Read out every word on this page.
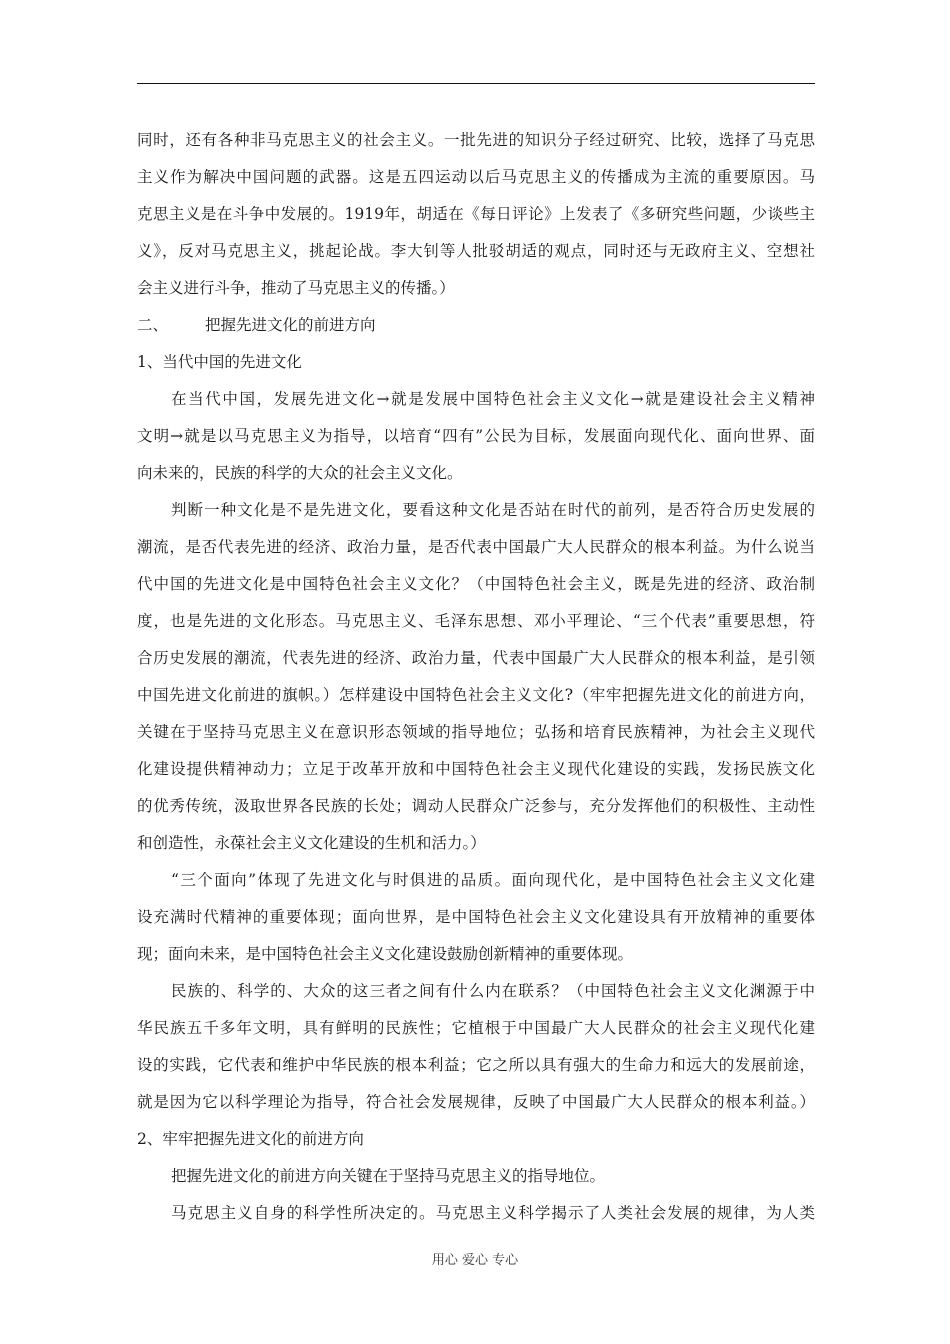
同时，还有各种非马克思主义的社会主义。一批先进的知识分子经过研究、比较，选择了马克思
主义作为解决中国问题的武器。这是五四运动以后马克思主义的传播成为主流的重要原因。马
克思主义是在斗争中发展的。1919年，胡适在《每日评论》上发表了《多研究些问题，少谈些主
义》，反对马克思主义，挑起论战。李大钊等人批驳胡适的观点，同时还与无政府主义、空想社
会主义进行斗争，推动了马克思主义的传播。）
二、 把握先进文化的前进方向
1、当代中国的先进文化
在当代中国，发展先进文化→就是发展中国特色社会主义文化→就是建设社会主义精神
文明→就是以马克思主义为指导，以培育“四有”公民为目标，发展面向现代化、面向世界、面
向未来的，民族的科学的大众的社会主义文化。
判断一种文化是不是先进文化，要看这种文化是否站在时代的前列，是否符合历史发展的
潮流，是否代表先进的经济、政治力量，是否代表中国最广大人民群众的根本利益。为什么说当
代中国的先进文化是中国特色社会主义文化？（中国特色社会主义，既是先进的经济、政治制
度，也是先进的文化形态。马克思主义、毛泽东思想、邓小平理论、“三个代表”重要思想，符
合历史发展的潮流，代表先进的经济、政治力量，代表中国最广大人民群众的根本利益，是引领
中国先进文化前进的旗帜。）怎样建设中国特色社会主义文化?（牢牢把握先进文化的前进方向，
关键在于坚持马克思主义在意识形态领域的指导地位；弘扬和培育民族精神，为社会主义现代
化建设提供精神动力；立足于改革开放和中国特色社会主义现代化建设的实践，发扬民族文化
的优秀传统，汲取世界各民族的长处；调动人民群众广泛参与，充分发挥他们的积极性、主动性
和创造性，永葆社会主义文化建设的生机和活力。）
“三个面向”体现了先进文化与时俱进的品质。面向现代化，是中国特色社会主义文化建
设充满时代精神的重要体现；面向世界，是中国特色社会主义文化建设具有开放精神的重要体
现；面向未来，是中国特色社会主义文化建设鼓励创新精神的重要体现。
民族的、科学的、大众的这三者之间有什么内在联系？（中国特色社会主义文化渊源于中
华民族五千多年文明，具有鲜明的民族性；它植根于中国最广大人民群众的社会主义现代化建
设的实践，它代表和维护中华民族的根本利益；它之所以具有强大的生命力和远大的发展前途，
就是因为它以科学理论为指导，符合社会发展规律，反映了中国最广大人民群众的根本利益。）
2、牢牢把握先进文化的前进方向
把握先进文化的前进方向关键在于坚持马克思主义的指导地位。
马克思主义自身的科学性所决定的。马克思主义科学揭示了人类社会发展的规律，为人类
用心 爱心 专心
